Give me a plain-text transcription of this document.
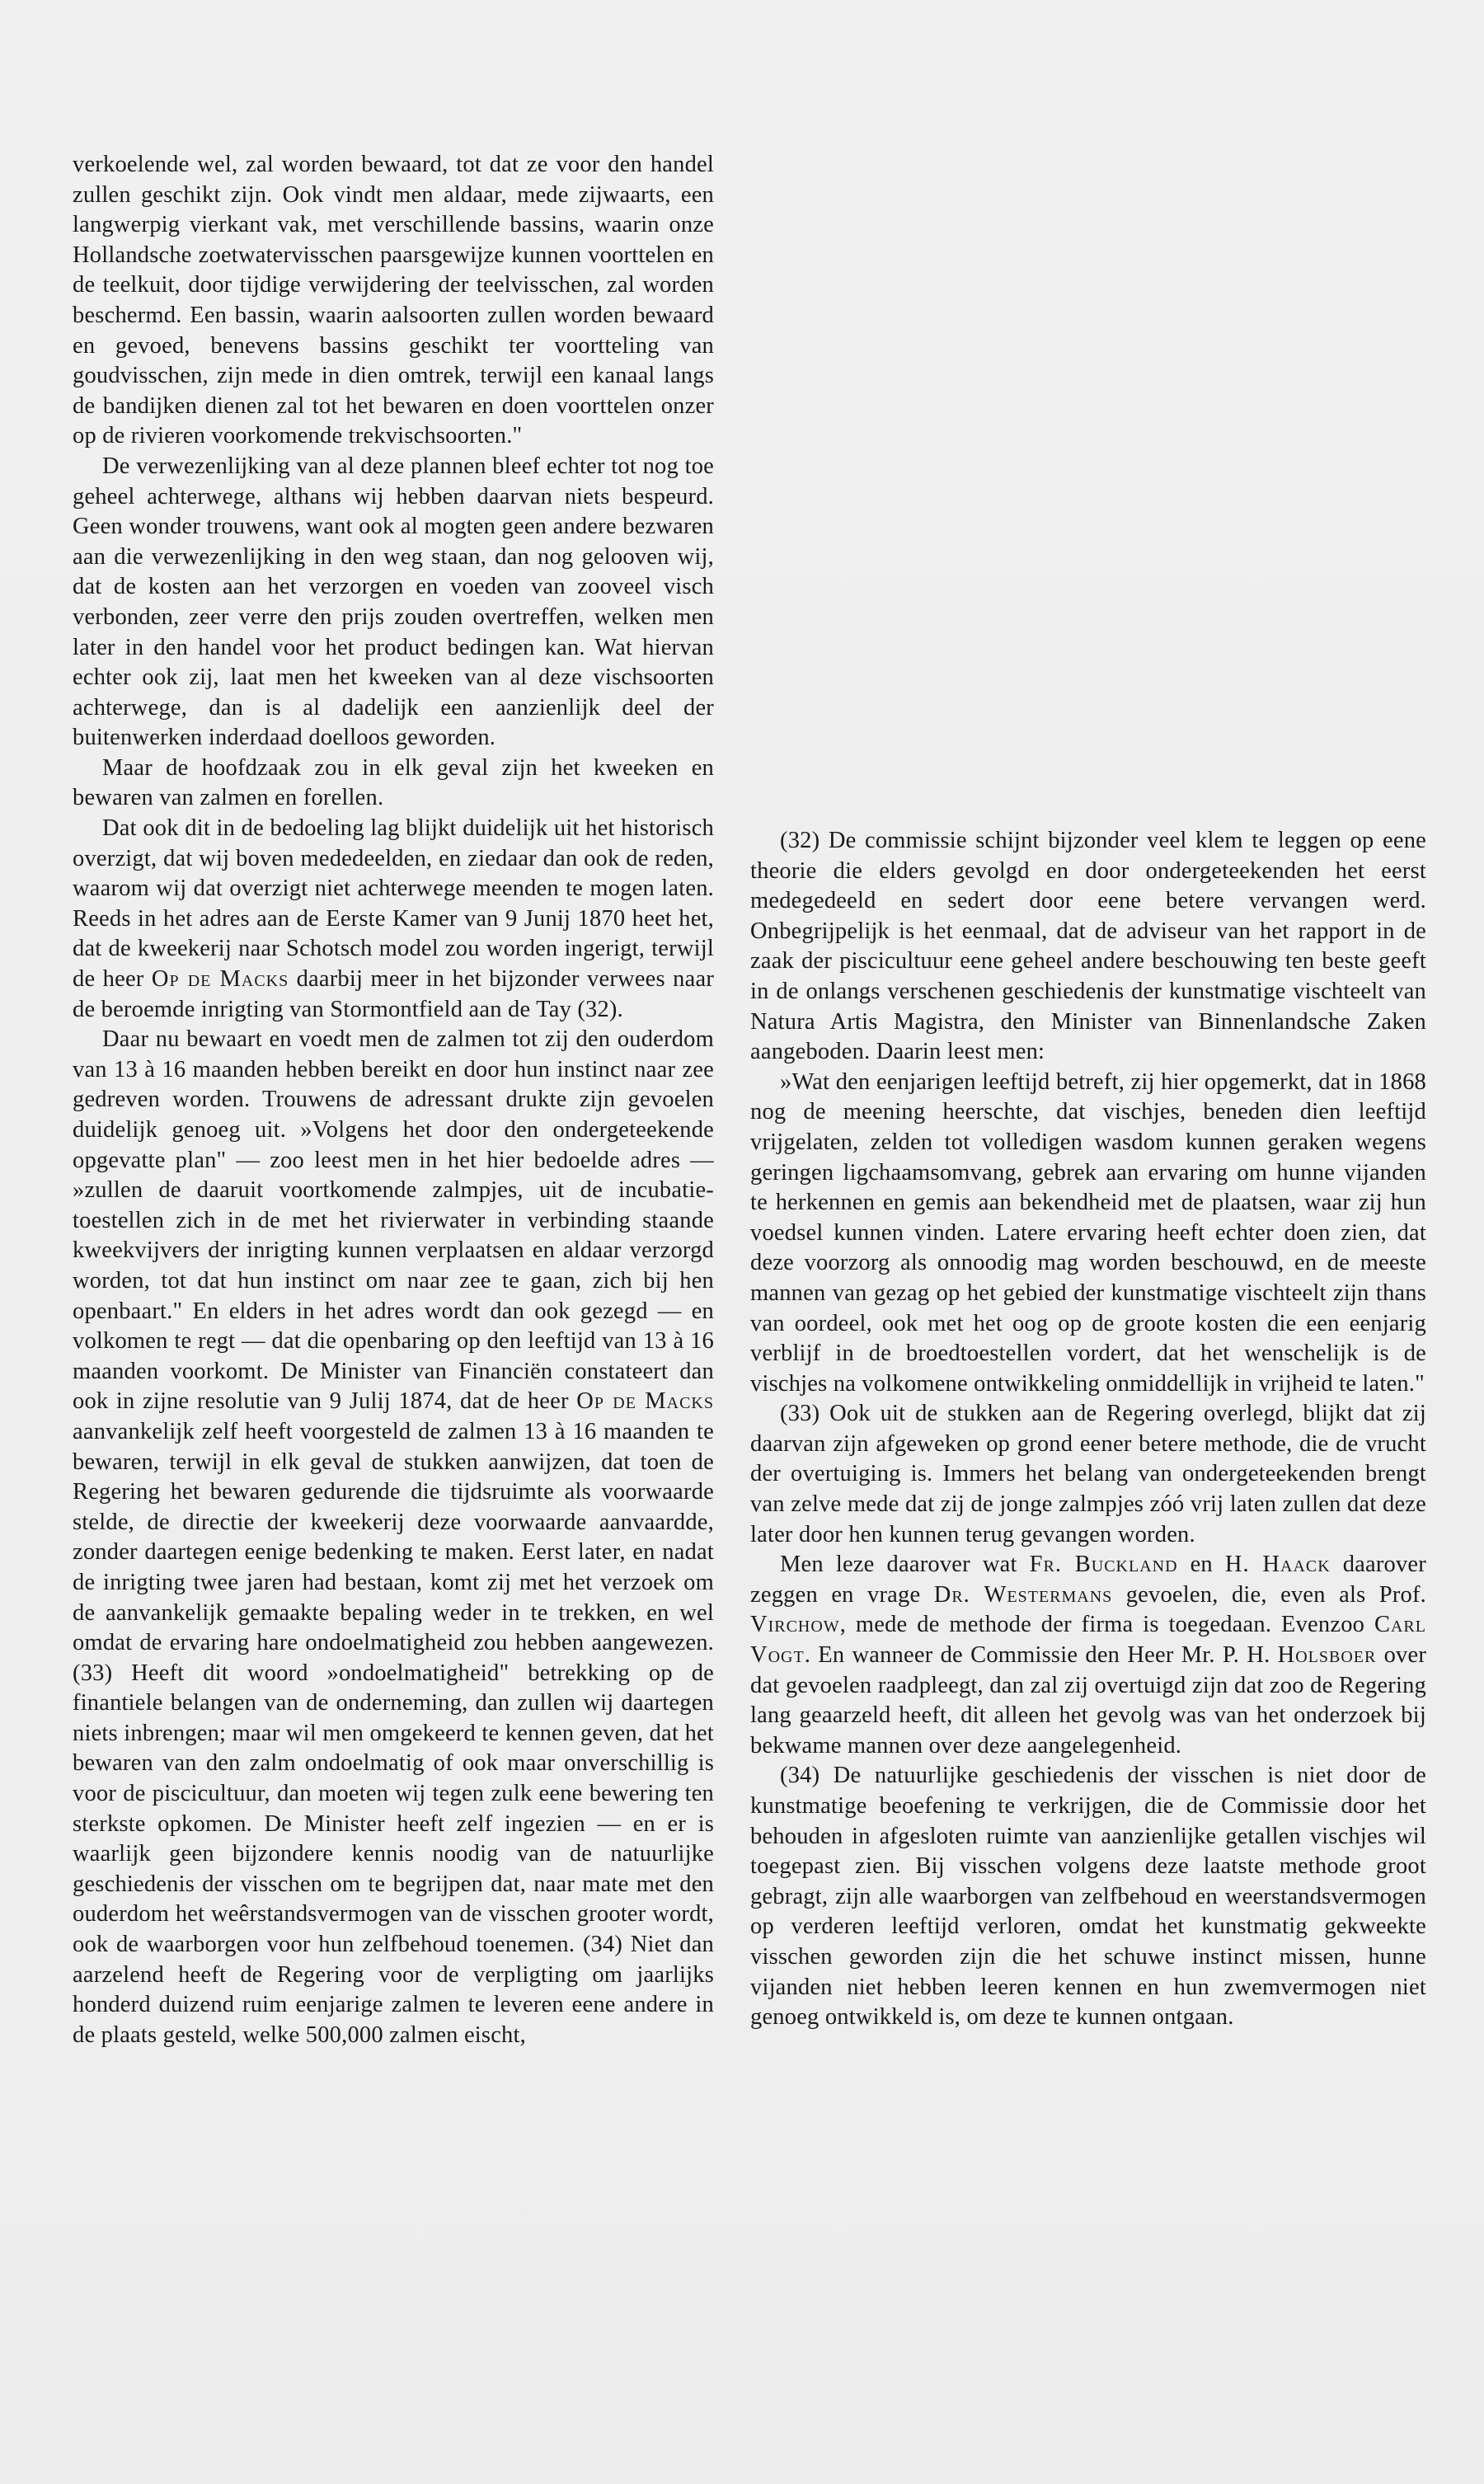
verkoelende wel, zal worden bewaard, tot dat ze voor den handel zullen geschikt zijn. Ook vindt men aldaar, mede zijwaarts, een langwerpig vierkant vak, met verschillende bassins, waarin onze Hollandsche zoetwatervisschen paarsgewijze kunnen voorttelen en de teelkuit, door tijdige verwijdering der teelvisschen, zal worden beschermd. Een bassin, waarin aalsoorten zullen worden bewaard en gevoed, benevens bassins geschikt ter voortteling van goudvisschen, zijn mede in dien omtrek, terwijl een kanaal langs de bandijken dienen zal tot het bewaren en doen voorttelen onzer op de rivieren voorkomende trekvischsoorten."

De verwezenlijking van al deze plannen bleef echter tot nog toe geheel achterwege, althans wij hebben daarvan niets bespeurd. Geen wonder trouwens, want ook al mogten geen andere bezwaren aan die verwezenlijking in den weg staan, dan nog gelooven wij, dat de kosten aan het verzorgen en voeden van zooveel visch verbonden, zeer verre den prijs zouden overtreffen, welken men later in den handel voor het product bedingen kan. Wat hiervan echter ook zij, laat men het kweeken van al deze vischsoorten achterwege, dan is al dadelijk een aanzienlijk deel der buitenwerken inderdaad doelloos geworden.

Maar de hoofdzaak zou in elk geval zijn het kweeken en bewaren van zalmen en forellen.

Dat ook dit in de bedoeling lag blijkt duidelijk uit het historisch overzigt, dat wij boven mededeelden, en ziedaar dan ook de reden, waarom wij dat overzigt niet achterwege meenden te mogen laten. Reeds in het adres aan de Eerste Kamer van 9 Junij 1870 heet het, dat de kweekerij naar Schotsch model zou worden ingerigt, terwijl de heer Op de Macks daarbij meer in het bijzonder verwees naar de beroemde inrigting van Stormontfield aan de Tay (32).

Daar nu bewaart en voedt men de zalmen tot zij den ouderdom van 13 à 16 maanden hebben bereikt en door hun instinct naar zee gedreven worden. Trouwens de adressant drukte zijn gevoelen duidelijk genoeg uit. »Volgens het door den ondergeteekende opgevatte plan" — zoo leest men in het hier bedoelde adres — »zullen de daaruit voortkomende zalmpjes, uit de incubatie-toestellen zich in de met het rivierwater in verbinding staande kweekvijvers der inrigting kunnen verplaatsen en aldaar verzorgd worden, tot dat hun instinct om naar zee te gaan, zich bij hen openbaart." En elders in het adres wordt dan ook gezegd — en volkomen te regt — dat die openbaring op den leeftijd van 13 à 16 maanden voorkomt. De Minister van Financiën constateert dan ook in zijne resolutie van 9 Julij 1874, dat de heer Op de Macks aanvankelijk zelf heeft voorgesteld de zalmen 13 à 16 maanden te bewaren, terwijl in elk geval de stukken aanwijzen, dat toen de Regering het bewaren gedurende die tijdsruimte als voorwaarde stelde, de directie der kweekerij deze voorwaarde aanvaardde, zonder daartegen eenige bedenking te maken. Eerst later, en nadat de inrigting twee jaren had bestaan, komt zij met het verzoek om de aanvankelijk gemaakte bepaling weder in te trekken, en wel omdat de ervaring hare ondoelmatigheid zou hebben aangewezen. (33) Heeft dit woord »ondoelmatigheid" betrekking op de finantiele belangen van de onderneming, dan zullen wij daartegen niets inbrengen; maar wil men omgekeerd te kennen geven, dat het bewaren van den zalm ondoelmatig of ook maar onverschillig is voor de piscicultuur, dan moeten wij tegen zulk eene bewering ten sterkste opkomen. De Minister heeft zelf ingezien — en er is waarlijk geen bijzondere kennis noodig van de natuurlijke geschiedenis der visschen om te begrijpen dat, naar mate met den ouderdom het weêrstandsvermogen van de visschen grooter wordt, ook de waarborgen voor hun zelfbehoud toenemen. (34) Niet dan aarzelend heeft de Regering voor de verpligting om jaarlijks honderd duizend ruim eenjarige zalmen te leveren eene andere in de plaats gesteld, welke 500,000 zalmen eischt,

(32) De commissie schijnt bijzonder veel klem te leggen op eene theorie die elders gevolgd en door ondergeteekenden het eerst medegedeeld en sedert door eene betere vervangen werd. Onbegrijpelijk is het eenmaal, dat de adviseur van het rapport in de zaak der piscicultuur eene geheel andere beschouwing ten beste geeft in de onlangs verschenen geschiedenis der kunstmatige vischteelt van Natura Artis Magistra, den Minister van Binnenlandsche Zaken aangeboden. Daarin leest men:

»Wat den eenjarigen leeftijd betreft, zij hier opgemerkt, dat in 1868 nog de meening heerschte, dat vischjes, beneden dien leeftijd vrijgelaten, zelden tot volledigen wasdom kunnen geraken wegens geringen ligchaamsomvang, gebrek aan ervaring om hunne vijanden te herkennen en gemis aan bekendheid met de plaatsen, waar zij hun voedsel kunnen vinden. Latere ervaring heeft echter doen zien, dat deze voorzorg als onnoodig mag worden beschouwd, en de meeste mannen van gezag op het gebied der kunstmatige vischteelt zijn thans van oordeel, ook met het oog op de groote kosten die een eenjarig verblijf in de broedtoestellen vordert, dat het wenschelijk is de vischjes na volkomene ontwikkeling onmiddellijk in vrijheid te laten."

(33) Ook uit de stukken aan de Regering overlegd, blijkt dat zij daarvan zijn afgeweken op grond eener betere methode, die de vrucht der overtuiging is. Immers het belang van ondergeteekenden brengt van zelve mede dat zij de jonge zalmpjes zóó vrij laten zullen dat deze later door hen kunnen terug gevangen worden.

Men leze daarover wat Fr. Buckland en H. Haack daarover zeggen en vrage Dr. Westermans gevoelen, die, even als Prof. Virchow, mede de methode der firma is toegedaan. Evenzoo Carl Vogt. En wanneer de Commissie den Heer Mr. P. H. Holsboer over dat gevoelen raadpleegt, dan zal zij overtuigd zijn dat zoo de Regering lang geaarzeld heeft, dit alleen het gevolg was van het onderzoek bij bekwame mannen over deze aangelegenheid.

(34) De natuurlijke geschiedenis der visschen is niet door de kunstmatige beoefening te verkrijgen, die de Commissie door het behouden in afgesloten ruimte van aanzienlijke getallen vischjes wil toegepast zien. Bij visschen volgens deze laatste methode groot gebragt, zijn alle waarborgen van zelfbehoud en weerstandsvermogen op verderen leeftijd verloren, omdat het kunstmatig gekweekte visschen geworden zijn die het schuwe instinct missen, hunne vijanden niet hebben leeren kennen en hun zwemvermogen niet genoeg ontwikkeld is, om deze te kunnen ontgaan.
